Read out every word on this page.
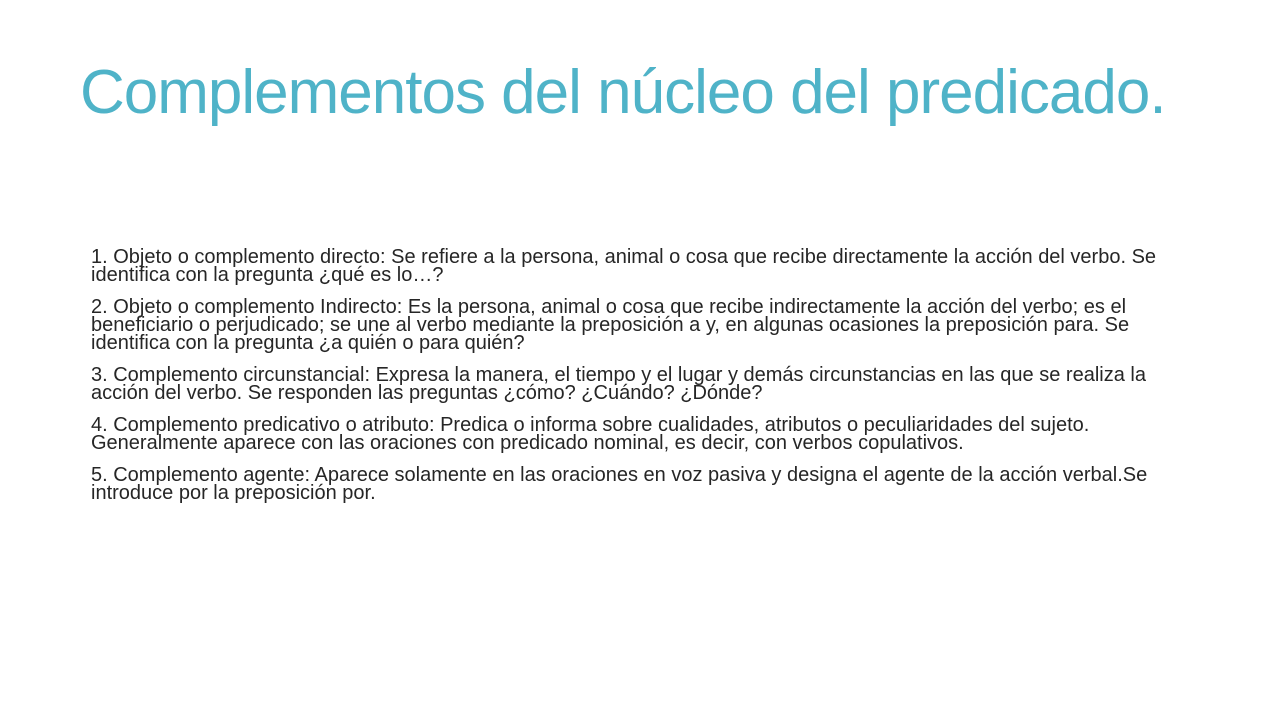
Complementos del núcleo del predicado.

1. Objeto o complemento directo: Se refiere a la persona, animal o cosa que recibe directamente la acción del verbo. Se identifica con la pregunta ¿qué es lo…?

2. Objeto o complemento Indirecto: Es la persona, animal o cosa que recibe indirectamente la acción del verbo; es el beneficiario o perjudicado; se une al verbo mediante la preposición a y, en algunas ocasiones la preposición para. Se identifica con la pregunta ¿a quién o para quién?

3. Complemento circunstancial: Expresa la manera, el tiempo y el lugar y demás circunstancias en las que se realiza la acción del verbo. Se responden las preguntas ¿cómo? ¿Cuándo? ¿Dónde?

4. Complemento predicativo o atributo: Predica o informa sobre cualidades, atributos o peculiaridades del sujeto. Generalmente aparece con las oraciones con predicado nominal, es decir, con verbos copulativos.

5. Complemento agente: Aparece solamente en las oraciones en voz pasiva y designa el agente de la acción verbal.Se introduce por la preposición por.
